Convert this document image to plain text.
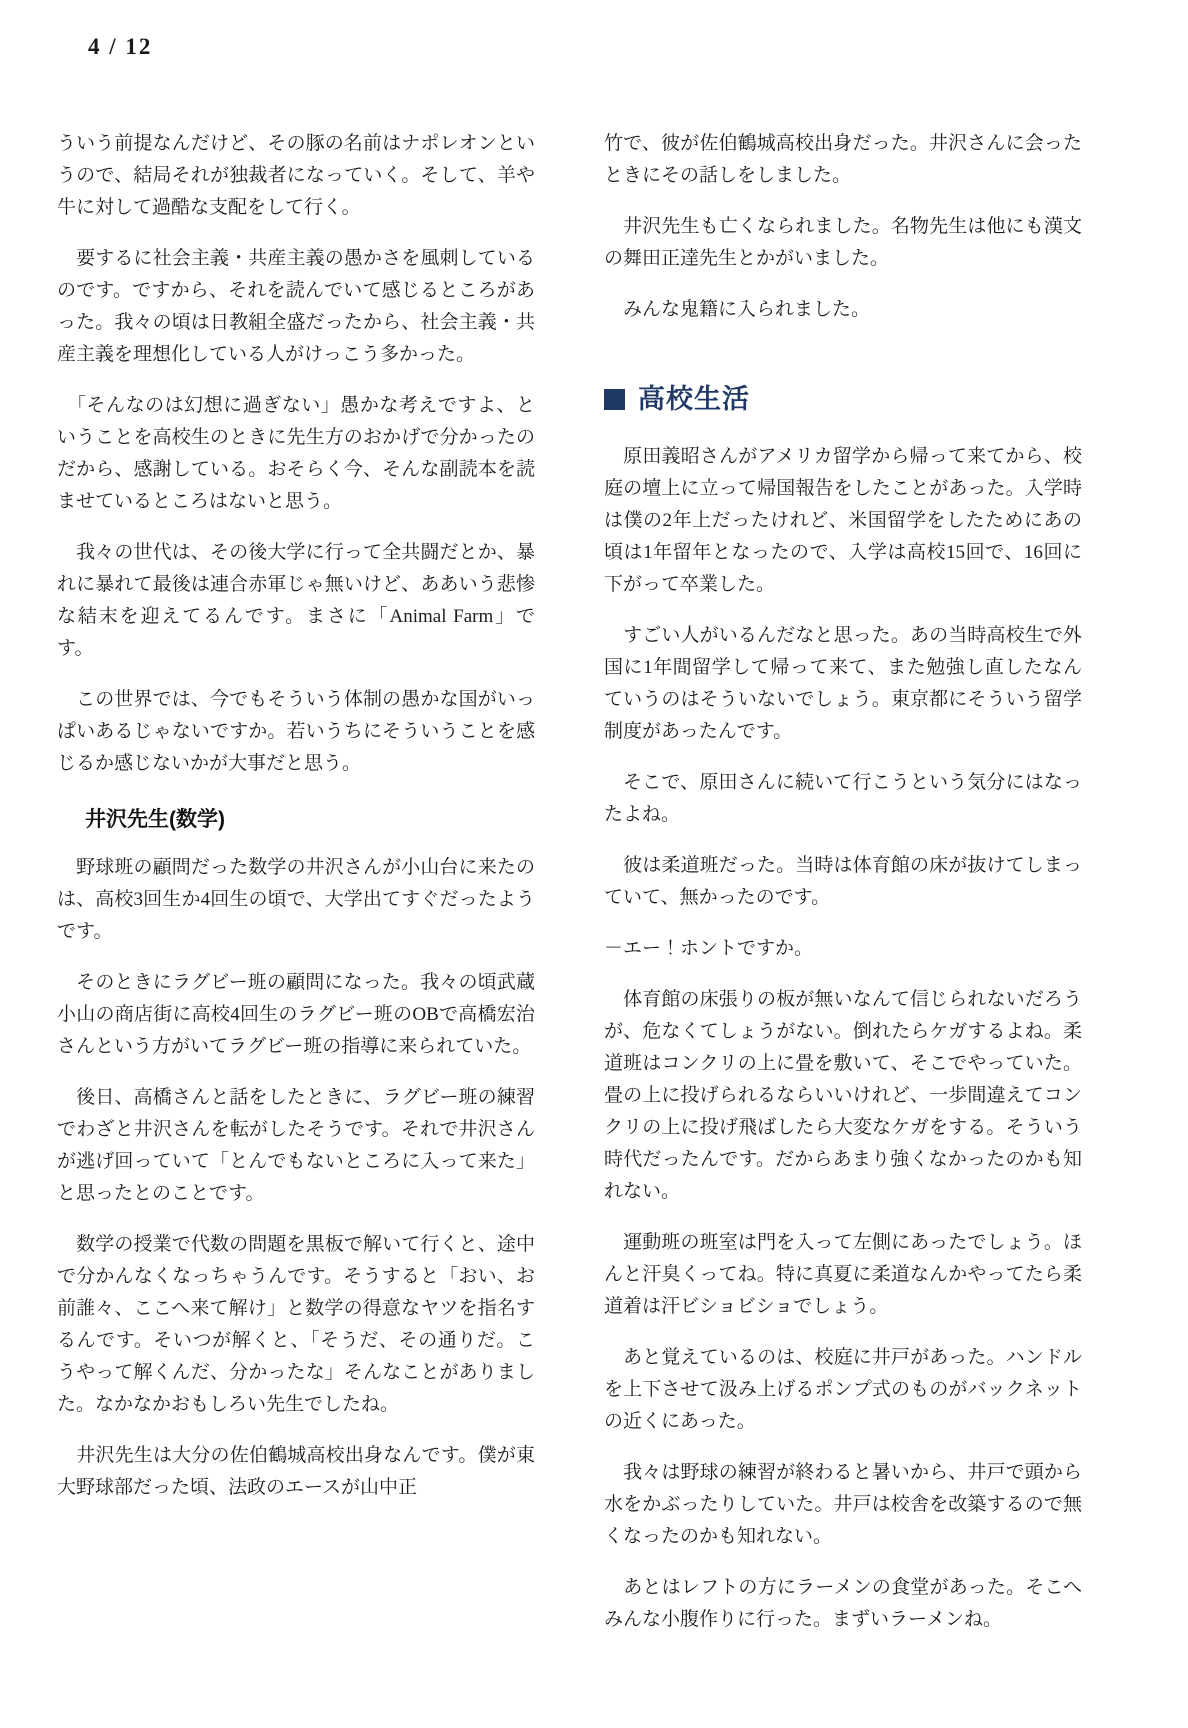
4 / 12

ういう前提なんだけど、その豚の名前はナポレオンというので、結局それが独裁者になっていく。そして、羊や牛に対して過酷な支配をして行く。

　要するに社会主義・共産主義の愚かさを風刺しているのです。ですから、それを読んでいて感じるところがあった。我々の頃は日教組全盛だったから、社会主義・共産主義を理想化している人がけっこう多かった。

　「そんなのは幻想に過ぎない」愚かな考えですよ、ということを高校生のときに先生方のおかげで分かったのだから、感謝している。おそらく今、そんな副読本を読ませているところはないと思う。

　我々の世代は、その後大学に行って全共闘だとか、暴れに暴れて最後は連合赤軍じゃ無いけど、ああいう悲惨な結末を迎えてるんです。まさに「Animal Farm」です。

　この世界では、今でもそういう体制の愚かな国がいっぱいあるじゃないですか。若いうちにそういうことを感じるか感じないかが大事だと思う。

井沢先生(数学)

　野球班の顧問だった数学の井沢さんが小山台に来たのは、高校3回生か4回生の頃で、大学出てすぐだったようです。

　そのときにラグビー班の顧問になった。我々の頃武蔵小山の商店街に高校4回生のラグビー班のOBで高橋宏治さんという方がいてラグビー班の指導に来られていた。

　後日、高橋さんと話をしたときに、ラグビー班の練習でわざと井沢さんを転がしたそうです。それで井沢さんが逃げ回っていて「とんでもないところに入って来た」と思ったとのことです。

　数学の授業で代数の問題を黒板で解いて行くと、途中で分かんなくなっちゃうんです。そうすると「おい、お前誰々、ここへ来て解け」と数学の得意なヤツを指名するんです。そいつが解くと、「そうだ、その通りだ。こうやって解くんだ、分かったな」そんなことがありました。なかなかおもしろい先生でしたね。

　井沢先生は大分の佐伯鶴城高校出身なんです。僕が東大野球部だった頃、法政のエースが山中正

竹で、彼が佐伯鶴城高校出身だった。井沢さんに会ったときにその話しをしました。

　井沢先生も亡くなられました。名物先生は他にも漢文の舞田正達先生とかがいました。

　みんな鬼籍に入られました。

高校生活

　原田義昭さんがアメリカ留学から帰って来てから、校庭の壇上に立って帰国報告をしたことがあった。入学時は僕の2年上だったけれど、米国留学をしたためにあの頃は1年留年となったので、入学は高校15回で、16回に下がって卒業した。

　すごい人がいるんだなと思った。あの当時高校生で外国に1年間留学して帰って来て、また勉強し直したなんていうのはそういないでしょう。東京都にそういう留学制度があったんです。

　そこで、原田さんに続いて行こうという気分にはなったよね。

　彼は柔道班だった。当時は体育館の床が抜けてしまっていて、無かったのです。

－エー！ホントですか。

　体育館の床張りの板が無いなんて信じられないだろうが、危なくてしょうがない。倒れたらケガするよね。柔道班はコンクリの上に畳を敷いて、そこでやっていた。畳の上に投げられるならいいけれど、一歩間違えてコンクリの上に投げ飛ばしたら大変なケガをする。そういう時代だったんです。だからあまり強くなかったのかも知れない。

　運動班の班室は門を入って左側にあったでしょう。ほんと汗臭くってね。特に真夏に柔道なんかやってたら柔道着は汗ビショビショでしょう。

　あと覚えているのは、校庭に井戸があった。ハンドルを上下させて汲み上げるポンプ式のものがバックネットの近くにあった。

　我々は野球の練習が終わると暑いから、井戸で頭から水をかぶったりしていた。井戸は校舎を改築するので無くなったのかも知れない。

　あとはレフトの方にラーメンの食堂があった。そこへみんな小腹作りに行った。まずいラーメンね。
